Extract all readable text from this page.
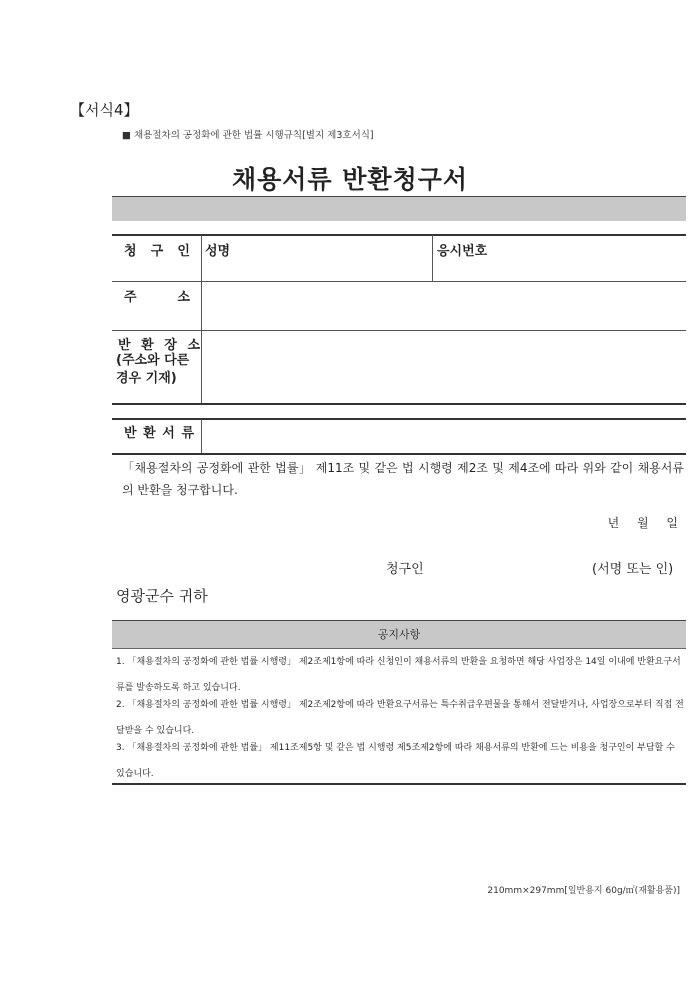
【서식4】
■ 채용절차의 공정화에 관한 법률 시행규칙[별지 제3호서식]
채용서류 반환청구서
청 구 인 성명	응시번호
주 소
반 환 장 소
(주소와 다른 경우 기재)
반 환 서 류
「채용절차의 공정화에 관한 법률」 제11조 및 같은 법 시행령 제2조 및 제4조에 따라 위와 같이 채용서류의 반환을 청구합니다.
년 월 일
청구인	(서명 또는 인)
영광군수 귀하
공지사항
1. 「채용절차의 공정화에 관한 법률 시행령」 제2조제1항에 따라 신청인이 채용서류의 반환을 요청하면 해당 사업장은 14일 이내에 반환요구서류를 발송하도록 하고 있습니다.
2. 「채용절차의 공정화에 관한 법률 시행령」 제2조제2항에 따라 반환요구서류는 특수취급우편물을 통해서 전달받거나, 사업장으로부터 직접 전달받을 수 있습니다.
3. 「채용절차의 공정화에 관한 법률」 제11조제5항 및 같은 법 시행령 제5조제2항에 따라 채용서류의 반환에 드는 비용을 청구인이 부담할 수 있습니다.
210mm×297mm[일반용지 60g/㎡(재활용품)]
